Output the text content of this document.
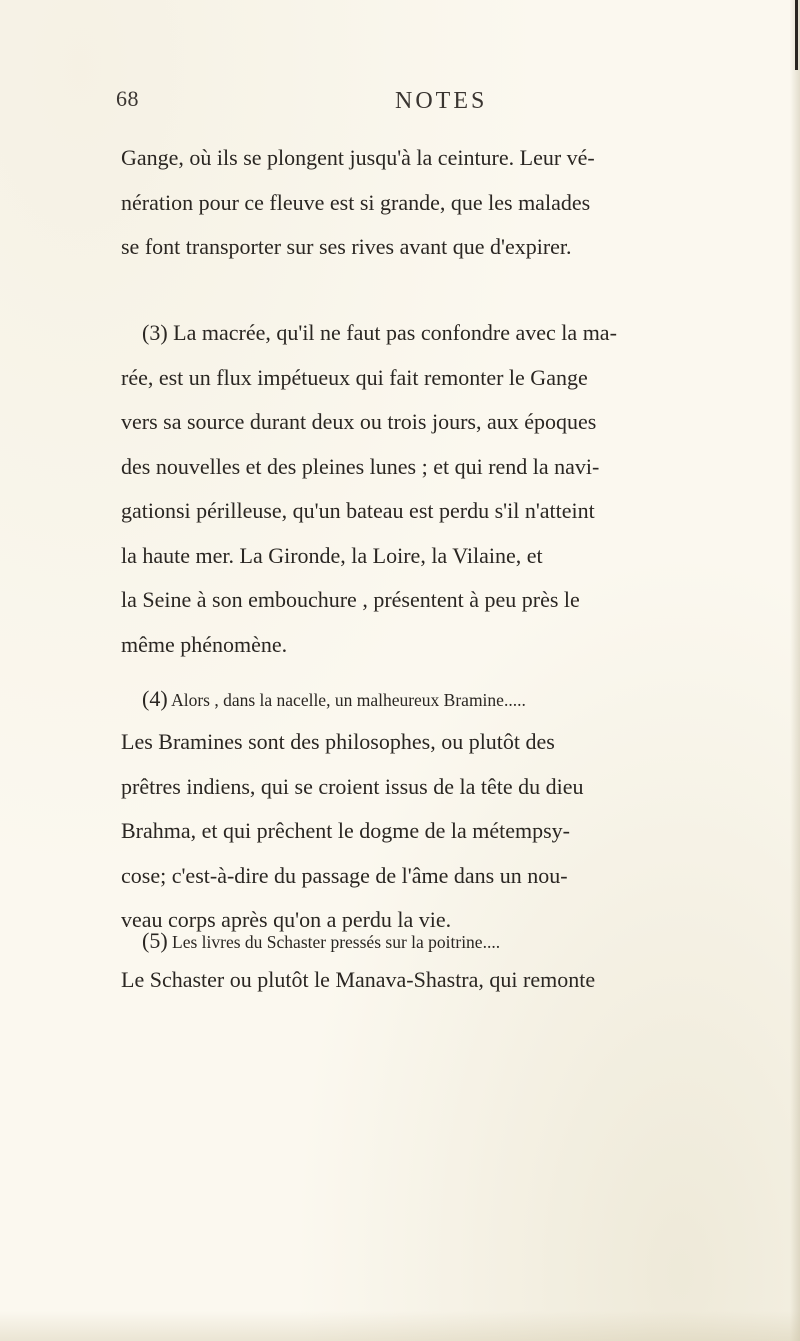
68	NOTES
Gange, où ils se plongent jusqu'à la ceinture. Leur vé-
nération pour ce fleuve est si grande, que les malades
se font transporter sur ses rives avant que d'expirer.
(3) La macrée, qu'il ne faut pas confondre avec la ma-
rée, est un flux impétueux qui fait remonter le Gange
vers sa source durant deux ou trois jours, aux époques
des nouvelles et des pleines lunes ; et qui rend la navi-
gationsi périlleuse, qu'un bateau est perdu s'il n'atteint
la haute mer. La Gironde, la Loire, la Vilaine, et
la Seine à son embouchure , présentent à peu près le
même phénomène.
(4) Alors , dans la nacelle, un malheureux Bramine.....
Les Bramines sont des philosophes, ou plutôt des
prêtres indiens, qui se croient issus de la tête du dieu
Brahma, et qui prêchent le dogme de la métempsy-
cose; c'est-à-dire du passage de l'âme dans un nou-
veau corps après qu'on a perdu la vie.
(5) Les livres du Schaster pressés sur la poitrine....
Le Schaster ou plutôt le Manava-Shastra, qui remonte
